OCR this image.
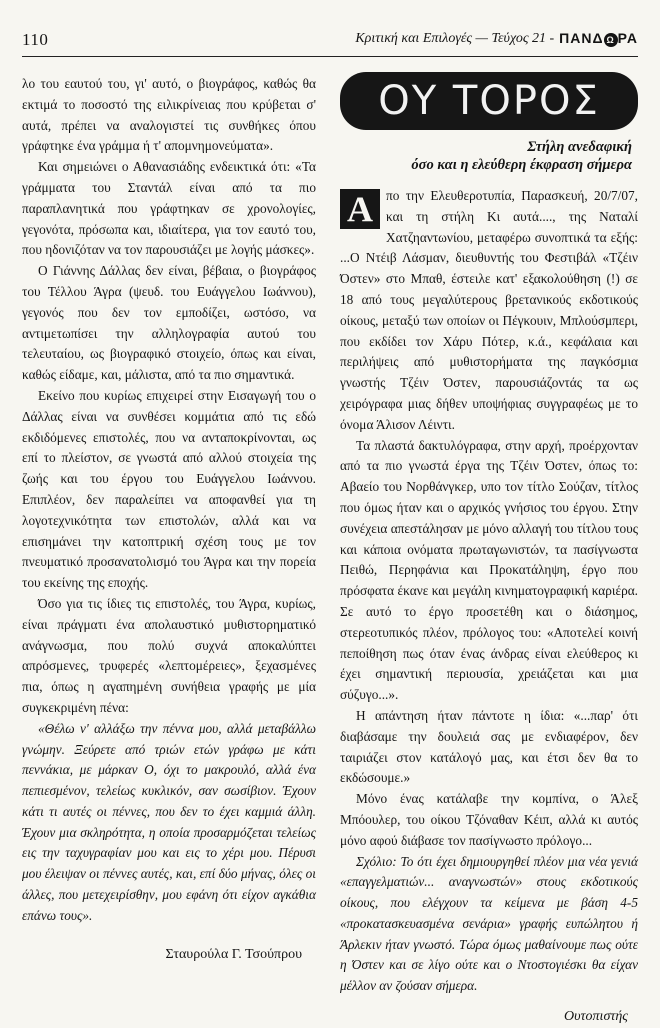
110	Κριτική και Επιλογές — Τεύχος 21 - ΠΑΝΔ Ω ΡΑ

λο του εαυτού του, γι' αυτό, ο βιογράφος, καθώς θα εκτιμά το ποσοστό της ειλικρίνειας που κρύβεται σ' αυτά, πρέπει να αναλογιστεί τις συνθήκες όπου γράφτηκε ένα γράμμα ή τ' απομνημονεύματα».

Και σημειώνει ο Αθανασιάδης ενδεικτικά ότι: «Τα γράμματα του Σταντάλ είναι από τα πιο παραπλανητικά που γράφτηκαν σε χρονολογίες, γεγονότα, πρόσωπα και, ιδιαίτερα, για τον εαυτό του, που ηδονιζόταν να τον παρουσιάζει με λογής μάσκες».

Ο Γιάννης Δάλλας δεν είναι, βέβαια, ο βιογράφος του Τέλλου Άγρα (ψευδ. του Ευάγγελου Ιωάννου), γεγονός που δεν τον εμποδίζει, ωστόσο, να αντιμετωπίσει την αλληλογραφία αυτού του τελευταίου, ως βιογραφικό στοιχείο, όπως και είναι, καθώς είδαμε, και, μάλιστα, από τα πιο σημαντικά.

Εκείνο που κυρίως επιχειρεί στην Εισαγωγή του ο Δάλλας είναι να συνθέσει κομμάτια από τις εδώ εκδιδόμενες επιστολές, που να ανταποκρίνονται, ως επί το πλείστον, σε γνωστά από αλλού στοιχεία της ζωής και του έργου του Ευάγγελου Ιωάννου. Επιπλέον, δεν παραλείπει να αποφανθεί για τη λογοτεχνικότητα των επιστολών, αλλά και να επισημάνει την κατοπτρική σχέση τους με τον πνευματικό προσανατολισμό του Άγρα και την πορεία του εκείνης της εποχής.

Όσο για τις ίδιες τις επιστολές, του Άγρα, κυρίως, είναι πράγματι ένα απολαυστικό μυθιστορηματικό ανάγνωσμα, που πολύ συχνά αποκαλύπτει απρόσμενες, τρυφερές «λεπτομέρειες», ξεχασμένες πια, όπως η αγαπημένη συνήθεια γραφής με μία συγκεκριμένη πένα:

«Θέλω ν' αλλάξω την πέννα μου, αλλά μεταβάλλω γνώμην. Ξεύρετε από τριών ετών γράφω με κάτι πεννάκια, με μάρκαν Ο, όχι το μακρουλό, αλλά ένα πεπιεσμένον, τελείως κυκλικόν, σαν σωσίβιον. Έχουν κάτι τι αυτές οι πέννες, που δεν το έχει καμμιά άλλη. Έχουν μια σκληρότητα, η οποία προσαρμόζεται τελείως εις την ταχυγραφίαν μου και εις το χέρι μου. Πέρυσι μου έλειψαν οι πέννες αυτές, και, επί δύο μήνας, όλες οι άλλες, που μετεχειρίσθην, μου εφάνη ότι είχον αγκάθια επάνω τους».

Σταυρούλα Γ. Τσούπρου
ΟΥ ΤΟΡΟΣ
Στήλη ανεδαφική
όσο και η ελεύθερη έκφραση σήμερα
Α πο την Ελευθεροτυπία, Παρασκευή, 20/7/07, και τη στήλη Κι αυτά...., της Ναταλί Χατζηαντωνίου, μεταφέρω συνοπτικά τα εξής: ...Ο Ντέιβ Λάσμαν, διευθυντής του Φεστιβάλ «Τζέιν Όστεν» στο Μπαθ, έστειλε κατ' εξακολούθηση (!) σε 18 από τους μεγαλύτερους βρετανικούς εκδοτικούς οίκους, μεταξύ των οποίων οι Πέγκουιν, Μπλούσμπερι, που εκδίδει τον Χάρυ Πότερ, κ.ά., κεφάλαια και περιλήψεις από μυθιστορήματα της παγκόσμια γνωστής Τζέιν Όστεν, παρουσιάζοντάς τα ως χειρόγραφα μιας δήθεν υποψήφιας συγγραφέως με το όνομα Άλισον Λέιντι.

Τα πλαστά δακτυλόγραφα, στην αρχή, προέρχονταν από τα πιο γνωστά έργα της Τζέιν Όστεν, όπως το: Αβαείο του Νορθάνγκερ, υπο τον τίτλο Σούζαν, τίτλος που όμως ήταν και ο αρχικός γνήσιος του έργου. Στην συνέχεια απεστάλησαν με μόνο αλλαγή του τίτλου τους και κάποια ονόματα πρωταγωνιστών, τα πασίγνωστα Πειθώ, Περηφάνια και Προκατάληψη, έργο που πρόσφατα έκανε και μεγάλη κινηματογραφική καριέρα. Σε αυτό το έργο προσετέθη και ο διάσημος, στερεοτυπικός πλέον, πρόλογος του: «Αποτελεί κοινή πεποίθηση πως όταν ένας άνδρας είναι ελεύθερος κι έχει σημαντική περιουσία, χρειάζεται και μια σύζυγο...».

Η απάντηση ήταν πάντοτε η ίδια: «...παρ' ότι διαβάσαμε την δουλειά σας με ενδιαφέρον, δεν ταιριάζει στον κατάλογό μας, και έτσι δεν θα το εκδώσουμε.»

Μόνο ένας κατάλαβε την κομπίνα, ο Άλεξ Μπόουλερ, του οίκου Τζόναθαν Κέιπ, αλλά κι αυτός μόνο αφού διάβασε τον πασίγνωστο πρόλογο...

Σχόλιο: Το ότι έχει δημιουργηθεί πλέον μια νέα γενιά «επαγγελματιών... αναγνωστών» στους εκδοτικούς οίκους, που ελέγχουν τα κείμενα με βάση 4-5 «προκατασκευασμένα σενάρια» γραφής ευπώλητου ή Άρλεκιν ήταν γνωστό. Τώρα όμως μαθαίνουμε πως ούτε η Όστεν και σε λίγο ούτε και ο Ντοστογιέσκι θα είχαν μέλλον αν ζούσαν σήμερα.

Ουτοπιστής
